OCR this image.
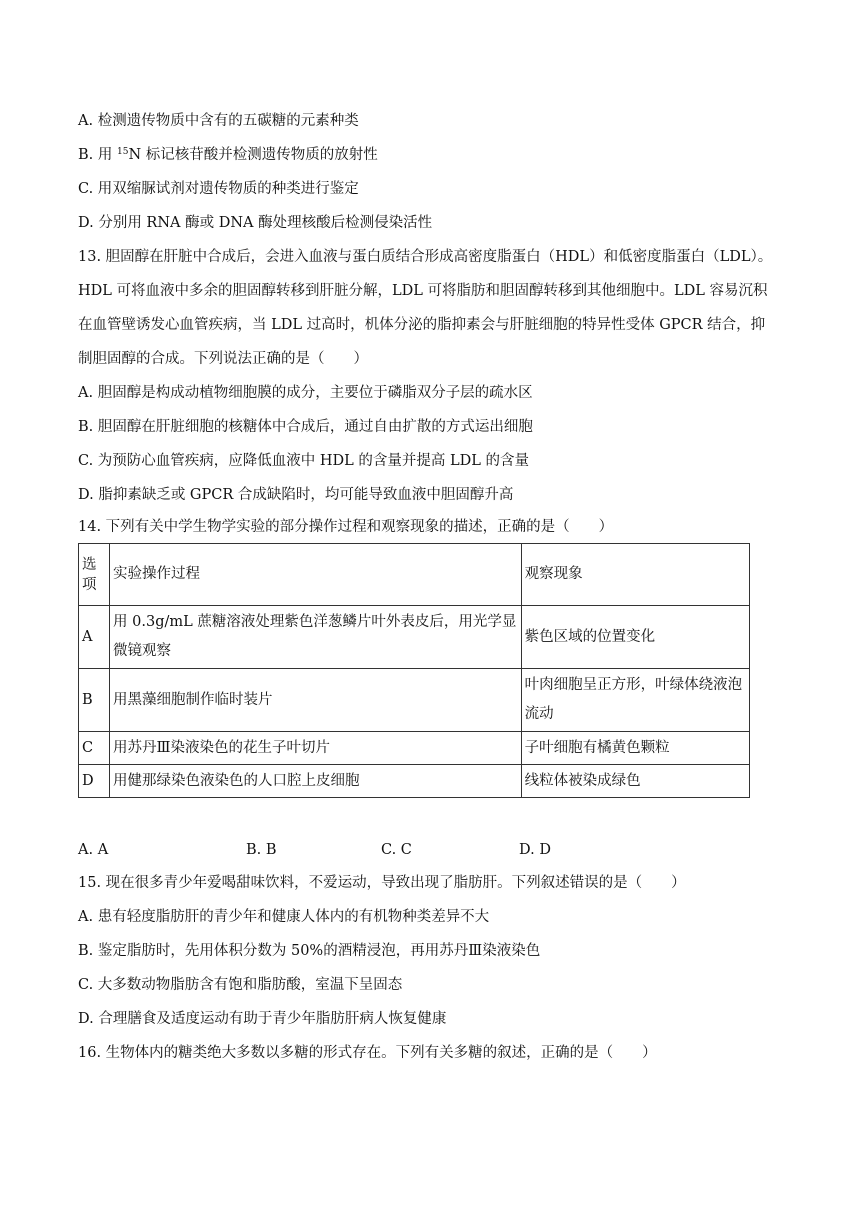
A. 检测遗传物质中含有的五碳糖的元素种类
B. 用 $^{15}$N 标记核苷酸并检测遗传物质的放射性
C. 用双缩脲试剂对遗传物质的种类进行鉴定
D. 分别用 RNA 酶或 DNA 酶处理核酸后检测侵染活性
13. 胆固醇在肝脏中合成后，会进入血液与蛋白质结合形成高密度脂蛋白（HDL）和低密度脂蛋白（LDL）。
HDL 可将血液中多余的胆固醇转移到肝脏分解，LDL 可将脂肪和胆固醇转移到其他细胞中。LDL 容易沉积
在血管壁诱发心血管疾病，当 LDL 过高时，机体分泌的脂抑素会与肝脏细胞的特异性受体 GPCR 结合，抑
制胆固醇的合成。下列说法正确的是（　　）
A. 胆固醇是构成动植物细胞膜的成分，主要位于磷脂双分子层的疏水区
B. 胆固醇在肝脏细胞的核糖体中合成后，通过自由扩散的方式运出细胞
C. 为预防心血管疾病，应降低血液中 HDL 的含量并提高 LDL 的含量
D. 脂抑素缺乏或 GPCR 合成缺陷时，均可能导致血液中胆固醇升高
14. 下列有关中学生物学实验的部分操作过程和观察现象的描述，正确的是（　　）
选项	实验操作过程	观察现象
A	用 0.3g/mL 蔗糖溶液处理紫色洋葱鳞片叶外表皮后，用光学显微镜观察	紫色区域的位置变化
B	用黑藻细胞制作临时装片	叶肉细胞呈正方形，叶绿体绕液泡流动
C	用苏丹Ⅲ染液染色的花生子叶切片	子叶细胞有橘黄色颗粒
D	用健那绿染色液染色的人口腔上皮细胞	线粒体被染成绿色
A. A	B. B	C. C	D. D
15. 现在很多青少年爱喝甜味饮料，不爱运动，导致出现了脂肪肝。下列叙述错误的是（　　）
A. 患有轻度脂肪肝的青少年和健康人体内的有机物种类差异不大
B. 鉴定脂肪时，先用体积分数为 50%的酒精浸泡，再用苏丹Ⅲ染液染色
C. 大多数动物脂肪含有饱和脂肪酸，室温下呈固态
D. 合理膳食及适度运动有助于青少年脂肪肝病人恢复健康
16. 生物体内的糖类绝大多数以多糖的形式存在。下列有关多糖的叙述，正确的是（　　）
